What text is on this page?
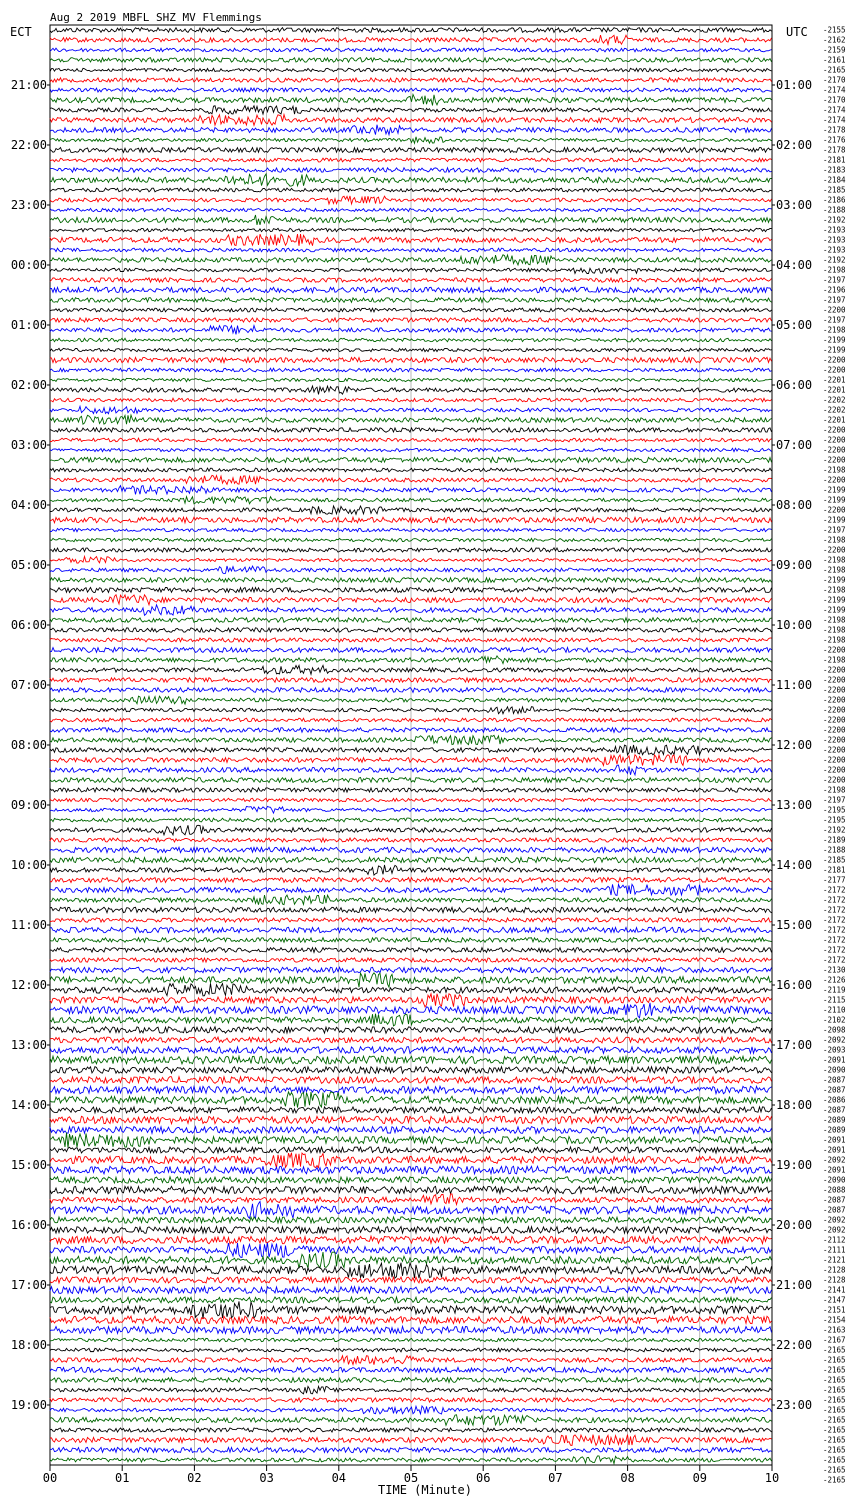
Aug 2 2019 MBFL SHZ MV Flemmings
ECT	UTC
21:00
22:00
23:00
00:00
01:00
02:00
03:00
04:00
05:00
06:00
07:00
08:00
09:00
10:00
11:00
12:00
13:00
14:00
15:00
16:00
17:00
18:00
19:00
01:00
02:00
03:00
04:00
05:00
06:00
07:00
08:00
09:00
10:00
11:00
12:00
13:00
14:00
15:00
16:00
17:00
18:00
19:00
20:00
21:00
22:00
23:00
-2155
-2162
-2159
-2161
-2165
-2170
-2174
-2170
-2174
-2174
-2178
-2176
-2178
-2181
-2183
-2184
-2185
-2186
-2188
-2192
-2193
-2193
-2193
-2192
-2198
-2197
-2196
-2197
-2200
-2197
-2198
-2199
-2199
-2200
-2200
-2201
-2201
-2202
-2202
-2201
-2200
-2200
-2200
-2200
-2198
-2200
-2199
-2199
-2200
-2199
-2197
-2198
-2200
-2198
-2198
-2199
-2198
-2199
-2199
-2198
-2198
-2198
-2200
-2198
-2200
-2200
-2200
-2200
-2200
-2200
-2200
-2200
-2200
-2200
-2200
-2200
-2198
-2197
-2195
-2195
-2192
-2189
-2188
-2185
-2181
-2177
-2172
-2172
-2172
-2172
-2172
-2172
-2172
-2172
-2130
-2126
-2119
-2115
-2110
-2102
-2098
-2092
-2093
-2091
-2090
-2087
-2087
-2086
-2087
-2089
-2089
-2091
-2091
-2092
-2091
-2090
-2088
-2087
-2087
-2092
-2092
-2112
-2111
-2121
-2128
-2128
-2141
-2147
-2151
-2154
-2163
-2167
-2165
-2165
-2165
-2165
-2165
-2165
-2165
-2165
-2165
-2165
-2165
-2165
-2165
-2165
00	01	02	03	04	05	06	07	08	09	10
TIME (Minute)
